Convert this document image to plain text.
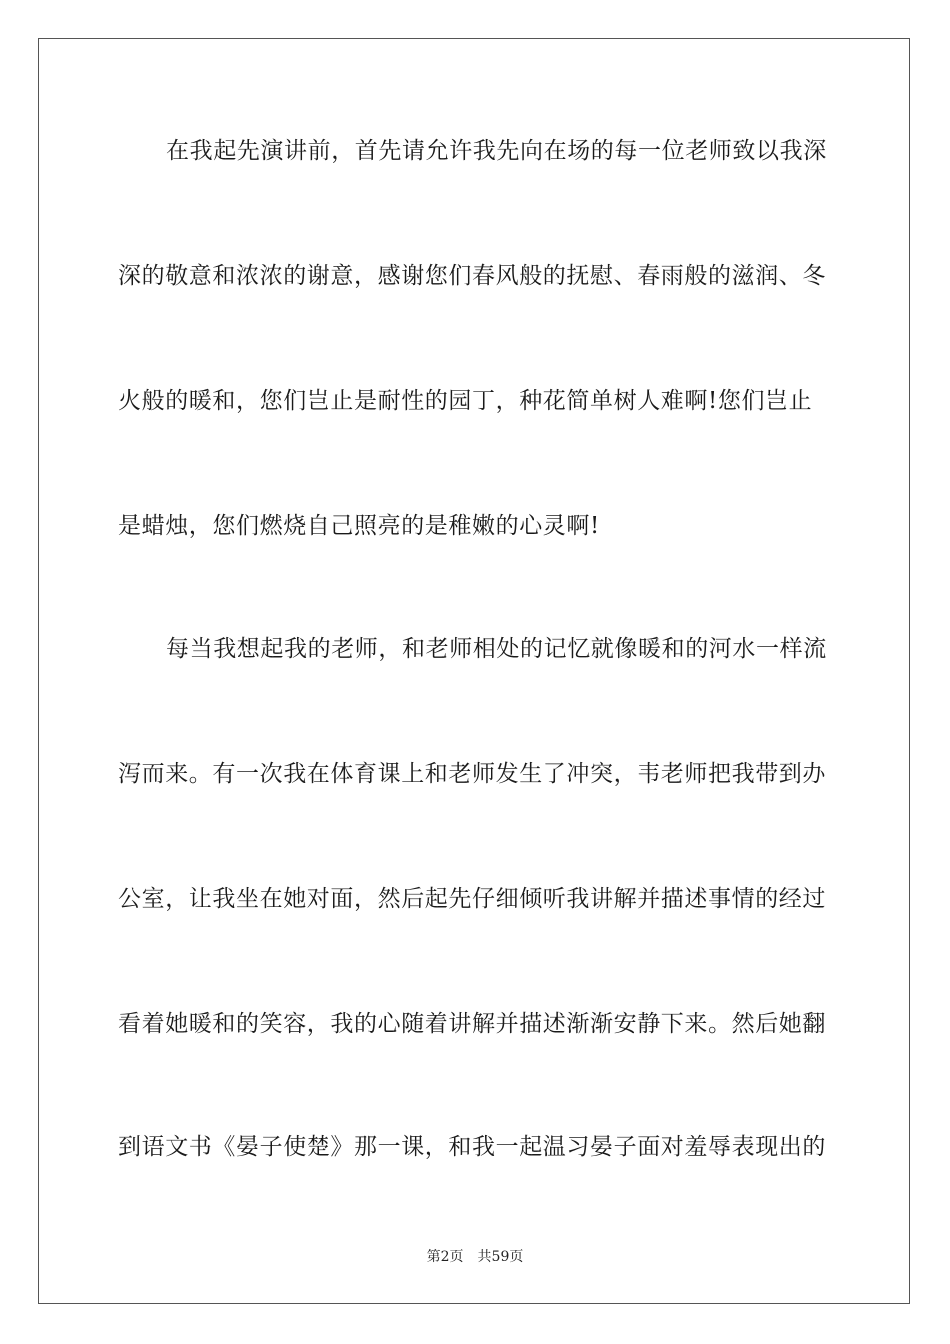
在我起先演讲前，首先请允许我先向在场的每一位老师致以我深
深的敬意和浓浓的谢意，感谢您们春风般的抚慰、春雨般的滋润、冬
火般的暖和，您们岂止是耐性的园丁，种花简单树人难啊!您们岂止
是蜡烛，您们燃烧自己照亮的是稚嫩的心灵啊!
每当我想起我的老师，和老师相处的记忆就像暖和的河水一样流
泻而来。有一次我在体育课上和老师发生了冲突，韦老师把我带到办
公室，让我坐在她对面，然后起先仔细倾听我讲解并描述事情的经过
看着她暖和的笑容，我的心随着讲解并描述渐渐安静下来。然后她翻
到语文书《晏子使楚》那一课，和我一起温习晏子面对羞辱表现出的
第2页 共59页
